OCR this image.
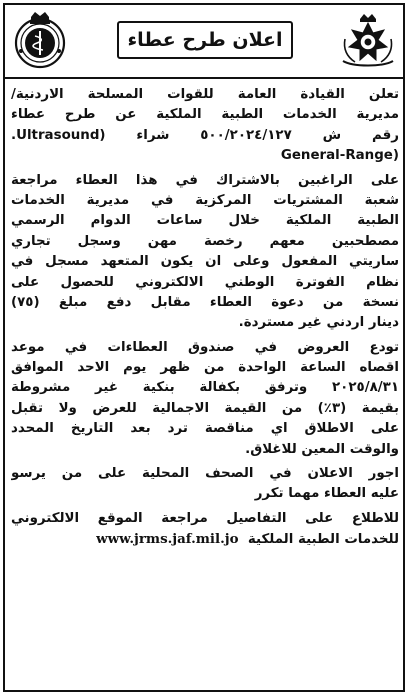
اعلان طرح عطاء
تعلن القيادة العامة للقوات المسلحة الاردنية/
مديرية الخدمات الطبية الملكية عن طرح عطاء
رقم ش ٥٠٠/٢٠٢٤/١٢٧ شراء (Ultrasound.
(General-Range
على الراغبين بالاشتراك في هذا العطاء مراجعة
شعبة المشتريات المركزية في مديرية الخدمات
الطبية الملكية خلال ساعات الدوام الرسمي
مصطحبين معهم رخصة مهن وسجل تجاري
ساريتي المفعول وعلى ان يكون المتعهد مسجل في
نظام الفوترة الوطني الالكتروني للحصول على
نسخة من دعوة العطاء مقابل دفع مبلغ (٧٥)
دينار اردني غير مستردة.
تودع العروض في صندوق العطاءات في موعد
اقصاه الساعة الواحدة من ظهر يوم الاحد الموافق
٢٠٢٥/٨/٣١ وترفق بكفالة بنكية غير مشروطة
بقيمة (٣٪) من القيمة الاجمالية للعرض ولا تقبل
على الاطلاق اي مناقصة ترد بعد التاريخ المحدد
والوقت المعين للاغلاق.
اجور الاعلان في الصحف المحلية على من يرسو
عليه العطاء مهما تكرر
للاطلاع على التفاصيل مراجعة الموقع الالكتروني
www.jrms.jaf.mil.jo للخدمات الطبية الملكية
